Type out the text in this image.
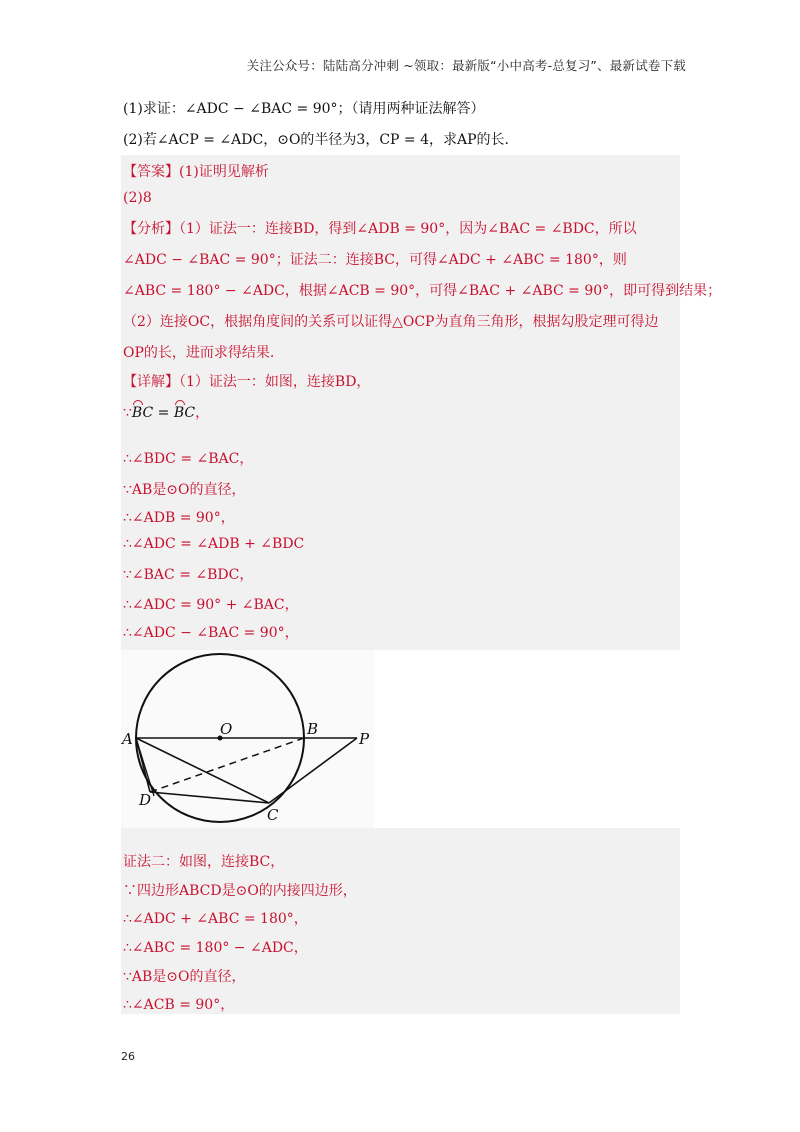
关注公众号：陆陆高分冲刺 ~领取：最新版“小中高考-总复习”、最新试卷下载
(1)求证：∠ADC − ∠BAC = 90°；（请用两种证法解答）
(2)若∠ACP = ∠ADC，⊙O的半径为3，CP = 4，求AP的长.
【答案】(1)证明见解析
(2)8
【分析】（1）证法一：连接BD，得到∠ADB = 90°，因为∠BAC = ∠BDC，所以
∠ADC − ∠BAC = 90°；证法二：连接BC，可得∠ADC + ∠ABC = 180°，则
∠ABC = 180° − ∠ADC，根据∠ACB = 90°，可得∠BAC + ∠ABC = 90°，即可得到结果；
（2）连接OC，根据角度间的关系可以证得△OCP为直角三角形，根据勾股定理可得边
OP的长，进而求得结果.
【详解】（1）证法一：如图，连接BD，
∵BC = BC，
∴∠BDC = ∠BAC，
∵AB是⊙O的直径，
∴∠ADB = 90°，
∴∠ADC = ∠ADB + ∠BDC
∵∠BAC = ∠BDC，
∴∠ADC = 90° + ∠BAC，
∴∠ADC − ∠BAC = 90°，
A
O	B
P
D
C
证法二：如图，连接BC，
∵四边形ABCD是⊙O的内接四边形，
∴∠ADC + ∠ABC = 180°，
∴∠ABC = 180° − ∠ADC，
∵AB是⊙O的直径，
∴∠ACB = 90°，
26
